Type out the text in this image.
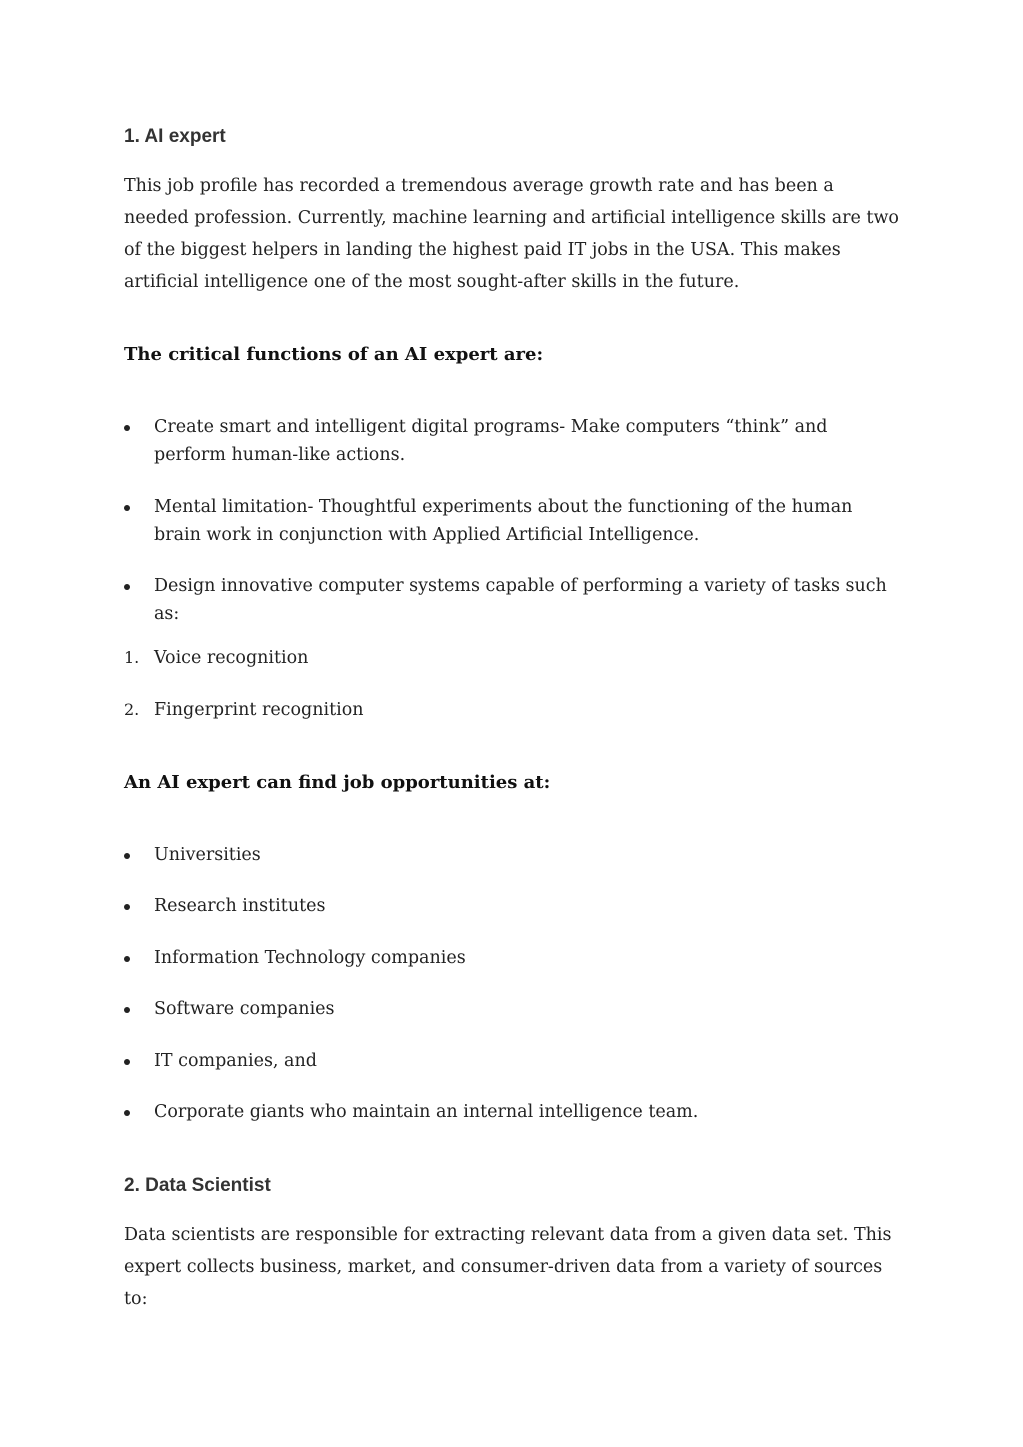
1. AI expert
This job profile has recorded a tremendous average growth rate and has been a needed profession. Currently, machine learning and artificial intelligence skills are two of the biggest helpers in landing the highest paid IT jobs in the USA. This makes artificial intelligence one of the most sought-after skills in the future.
The critical functions of an AI expert are:
Create smart and intelligent digital programs- Make computers “think” and perform human-like actions.
Mental limitation- Thoughtful experiments about the functioning of the human brain work in conjunction with Applied Artificial Intelligence.
Design innovative computer systems capable of performing a variety of tasks such as:
1. Voice recognition
2. Fingerprint recognition
An AI expert can find job opportunities at:
Universities
Research institutes
Information Technology companies
Software companies
IT companies, and
Corporate giants who maintain an internal intelligence team.
2. Data Scientist
Data scientists are responsible for extracting relevant data from a given data set. This expert collects business, market, and consumer-driven data from a variety of sources to:
